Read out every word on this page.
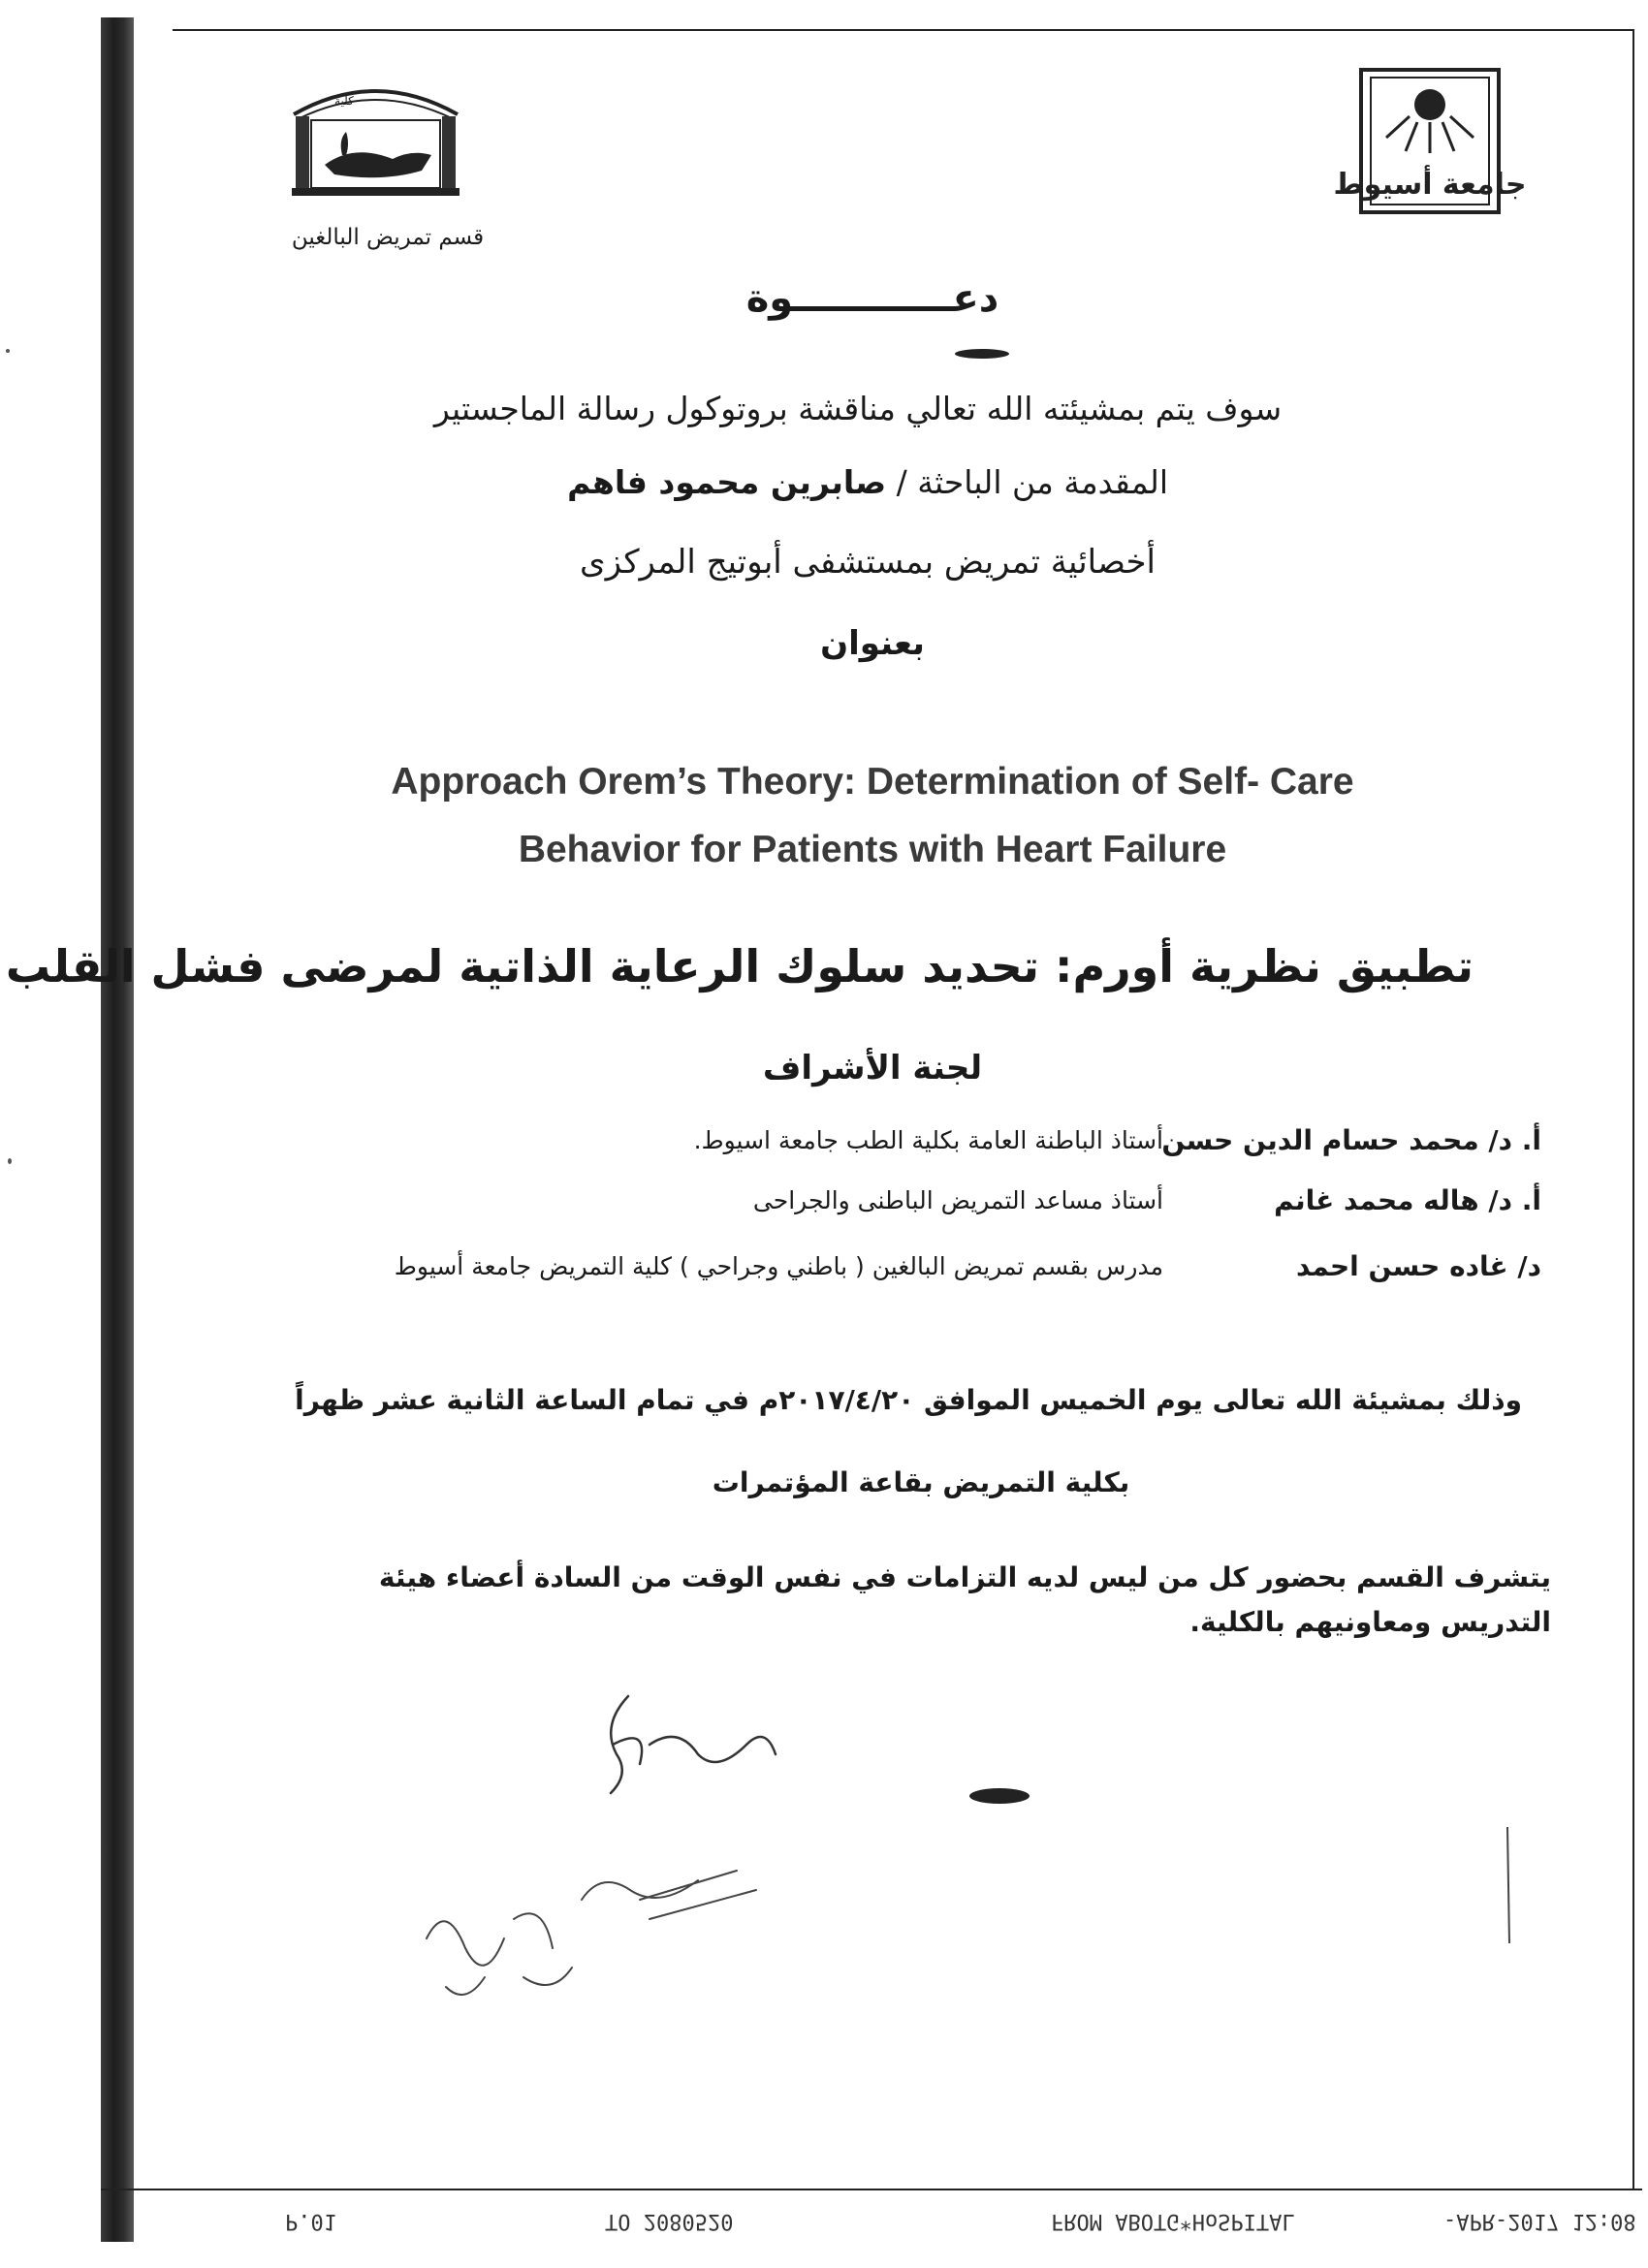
كلية
قسم تمريض البالغين
جامعة أسيوط
دعــــــــــــوة
سوف يتم بمشيئته الله تعالي مناقشة بروتوكول رسالة الماجستير
المقدمة من الباحثة / صابرين محمود فاهم
أخصائية تمريض بمستشفى أبوتيج المركزى
بعنوان
Approach Orem’s Theory: Determination of Self- Care
Behavior for Patients with Heart Failure
تطبيق نظرية أورم: تحديد سلوك الرعاية الذاتية لمرضى فشل القلب
لجنة الأشراف
أ. د/ محمد حسام الدين حسن
أستاذ الباطنة العامة بكلية الطب جامعة اسيوط.
أ. د/ هاله محمد غانم
أستاذ مساعد التمريض الباطنى والجراحى
د/ غاده حسن احمد
مدرس بقسم تمريض البالغين ( باطني وجراحي ) كلية التمريض جامعة أسيوط
وذلك بمشيئة الله تعالى يوم الخميس الموافق ٢٠١٧/٤/٢٠م في تمام الساعة الثانية عشر ظهراً
بكلية التمريض بقاعة المؤتمرات
يتشرف القسم بحضور كل من ليس لديه التزامات في نفس الوقت من السادة أعضاء هيئة التدريس ومعاونيهم بالكلية.
P.01	TO 2080520	FROM ABOTG*HoSPITAL	-APR-2017 12:08
